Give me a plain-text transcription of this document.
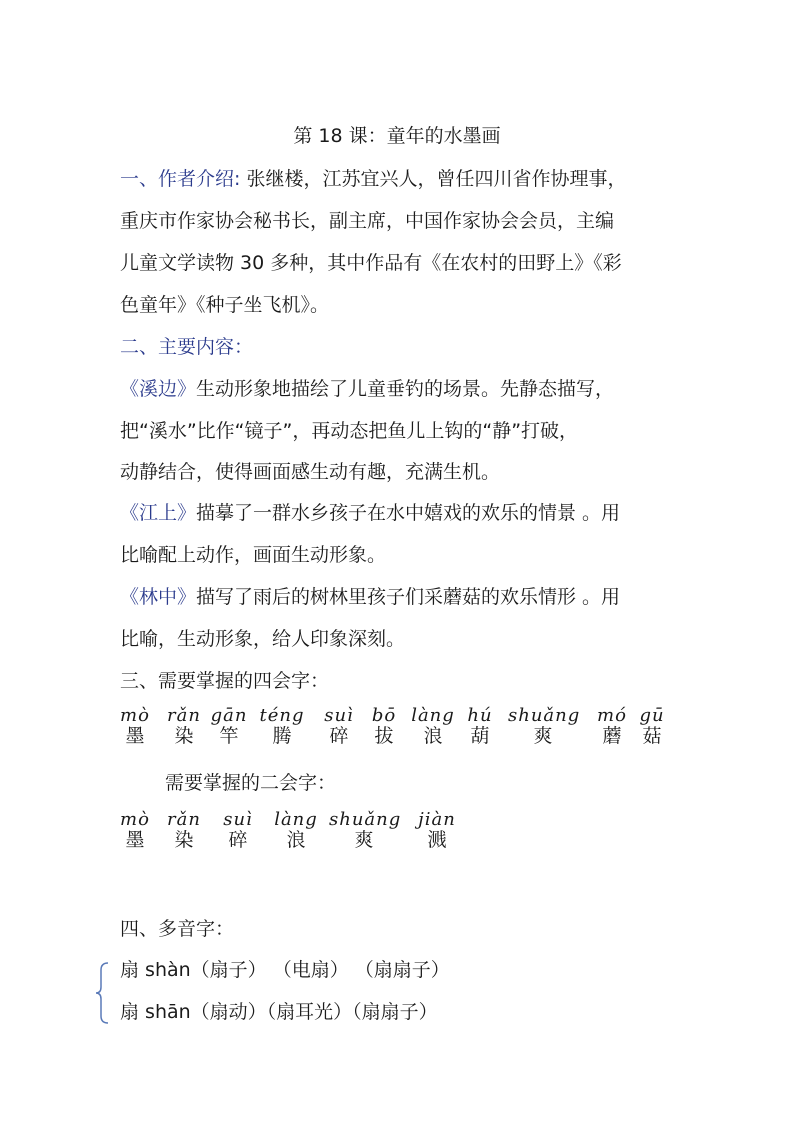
第 18 课：童年的水墨画
一、作者介绍: 张继楼，江苏宜兴人，曾任四川省作协理事，
重庆市作家协会秘书长，副主席，中国作家协会会员，主编
儿童文学读物 30 多种，其中作品有《在农村的田野上》《彩
色童年》《种子坐飞机》。
二、主要内容：
《溪边》生动形象地描绘了儿童垂钓的场景。先静态描写，
把“溪水”比作“镜子”，再动态把鱼儿上钩的“静”打破，
动静结合，使得画面感生动有趣，充满生机。
《江上》描摹了一群水乡孩子在水中嬉戏的欢乐的情景 。用
比喻配上动作，画面生动形象。
《林中》描写了雨后的树林里孩子们采蘑菇的欢乐情形 。用
比喻，生动形象，给人印象深刻。
三、需要掌握的四会字：
mò
墨
rǎn
染
gān
竿
téng
腾
suì
碎
bō
拔
làng
浪
hú
葫
shuǎng
爽
mó
蘑
gū
菇
需要掌握的二会字：
mò
墨
rǎn
染
suì
碎
làng
浪
shuǎng
爽
jiàn
溅
四、多音字：
扇 shàn（扇子） （电扇） （扇扇子）
扇 shān（扇动）（扇耳光）（扇扇子）
